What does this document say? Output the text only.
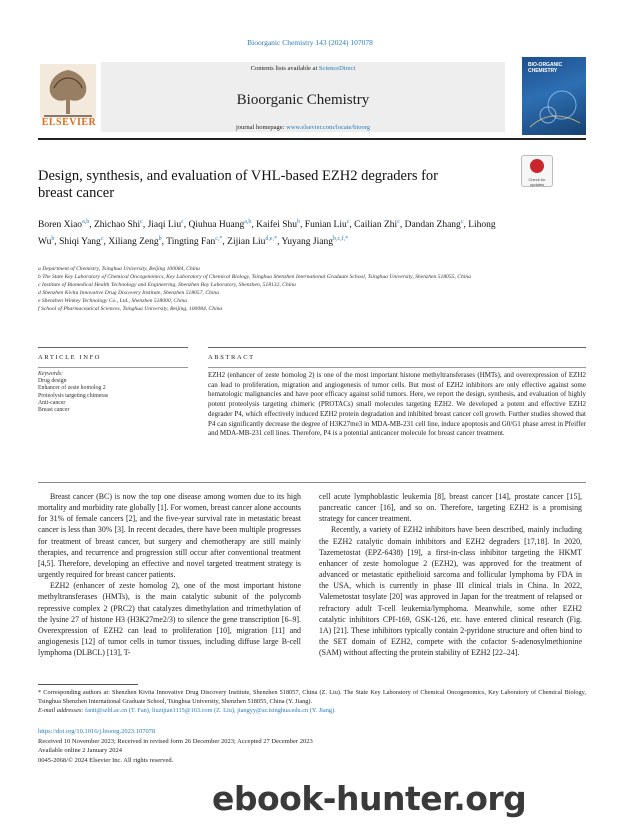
Bioorganic Chemistry 143 (2024) 107078
ELSEVIER
Contents lists available at ScienceDirect
Bioorganic Chemistry
journal homepage: www.elsevier.com/locate/bioorg
BIO-ORGANIC CHEMISTRY
Design, synthesis, and evaluation of VHL-based EZH2 degraders for breast cancer
Check for updates
Boren Xiao$^{a,b}$, Zhichao Shi$^c$, Jiaqi Liu$^c$, Qiuhua Huang$^{a,b}$, Kaifei Shu$^b$, Funian Liu$^c$, Cailian Zhi$^c$, Dandan Zhang$^c$, Lihong Wu$^b$, Shiqi Yang$^c$, Xiliang Zeng$^b$, Tingting Fan$^{c,*}$, Zijian Liu$^{d,e,*}$, Yuyang Jiang$^{b,c,f,*}$
a Department of Chemistry, Tsinghua University, Beijing 100084, China
b The State Key Laboratory of Chemical Oncogenomics, Key Laboratory of Chemical Biology, Tsinghua Shenzhen International Graduate School, Tsinghua University, Shenzhen 518055, China
c Institute of Biomedical Health Technology and Engineering, Shenzhen Bay Laboratory, Shenzhen, 518132, China
d Shenzhen Kivita Innovative Drug Discovery Institute, Shenzhen 518057, China
e Shenzhen Winkey Technology Co., Ltd., Shenzhen 518000, China
f School of Pharmaceutical Sciences, Tsinghua University, Beijing, 100084, China
ARTICLE INFO	ABSTRACT
Keywords:
Drug design
Enhancer of zeste homolog 2
Proteolysis targeting chimeras
Anti-cancer
Breast cancer
EZH2 (enhancer of zeste homolog 2) is one of the most important histone methyltransferases (HMTs), and overexpression of EZH2 can lead to proliferation, migration and angiogenesis of tumor cells. But most of EZH2 inhibitors are only effective against some hematologic malignancies and have poor efficacy against solid tumors. Here, we report the design, synthesis, and evaluation of highly potent proteolysis targeting chimeric (PROTACs) small molecules targeting EZH2. We developed a potent and effective EZH2 degrader P4, which effectively induced EZH2 protein degradation and inhibited breast cancer cell growth. Further studies showed that P4 can significantly decrease the degree of H3K27me3 in MDA-MB-231 cell line, induce apoptosis and G0/G1 phase arrest in Pfeiffer and MDA-MB-231 cell lines. Therefore, P4 is a potential anticancer molecule for breast cancer treatment.

Breast cancer (BC) is now the top one disease among women due to its high mortality and morbidity rate globally [1]. For women, breast cancer alone accounts for 31% of female cancers [2], and the five-year survival rate in metastatic breast cancer is less than 30% [3]. In recent decades, there have been multiple progresses for treatment of breast cancer, but surgery and chemotherapy are still mainly therapies, and recurrence and progression still occur after conventional treatment [4,5]. Therefore, developing an effective and novel targeted treatment strategy is urgently required for breast cancer patients.

EZH2 (enhancer of zeste homolog 2), one of the most important histone methyltransferases (HMTs), is the main catalytic subunit of the polycomb repressive complex 2 (PRC2) that catalyzes dimethylation and trimethylation of the lysine 27 of histone H3 (H3K27me2/3) to silence the gene transcription [6–9]. Overexpression of EZH2 can lead to proliferation [10], migration [11] and angiogenesis [12] of tumor cells in tumor tissues, including diffuse large B-cell lymphoma (DLBCL) [13], T-

cell acute lymphoblastic leukemia [8], breast cancer [14], prostate cancer [15], pancreatic cancer [16], and so on. Therefore, targeting EZH2 is a promising strategy for cancer treatment.

Recently, a variety of EZH2 inhibitors have been described, mainly including the EZH2 catalytic domain inhibitors and EZH2 degraders [17,18]. In 2020, Tazemetostat (EPZ-6438) [19], a first-in-class inhibitor targeting the HKMT enhancer of zeste homologue 2 (EZH2), was approved for the treatment of advanced or metastatic epithelioid sarcoma and follicular lymphoma by FDA in the USA, which is currently in phase III clinical trials in China. In 2022, Valemetostat tosylate [20] was approved in Japan for the treatment of relapsed or refractory adult T-cell leukemia/lymphoma. Meanwhile, some other EZH2 catalytic inhibitors CPI-169, GSK-126, etc. have entered clinical research (Fig. 1A) [21]. These inhibitors typically contain 2-pyridone structure and often bind to the SET domain of EZH2, compete with the cofactor S-adenosylmethionine (SAM) without affecting the protein stability of EZH2 [22–24].

* Corresponding authors at: Shenzhen Kivita Innovative Drug Discovery Institute, Shenzhen 518057, China (Z. Liu). The State Key Laboratory of Chemical Oncogenomics, Key Laboratory of Chemical Biology, Tsinghua Shenzhen International Graduate School, Tsinghua University, Shenzhen 518055, China (Y. Jiang).
E-mail addresses: fantt@szbl.ac.cn (T. Fan), liuzijian1115@163.com (Z. Liu), jiangyy@sz.tsinghua.edu.cn (Y. Jiang).
https://doi.org/10.1016/j.bioorg.2023.107078
Received 10 November 2023; Received in revised form 26 December 2023; Accepted 27 December 2023
Available online 2 January 2024
0045-2068/© 2024 Elsevier Inc. All rights reserved.
ebook-hunter.org
